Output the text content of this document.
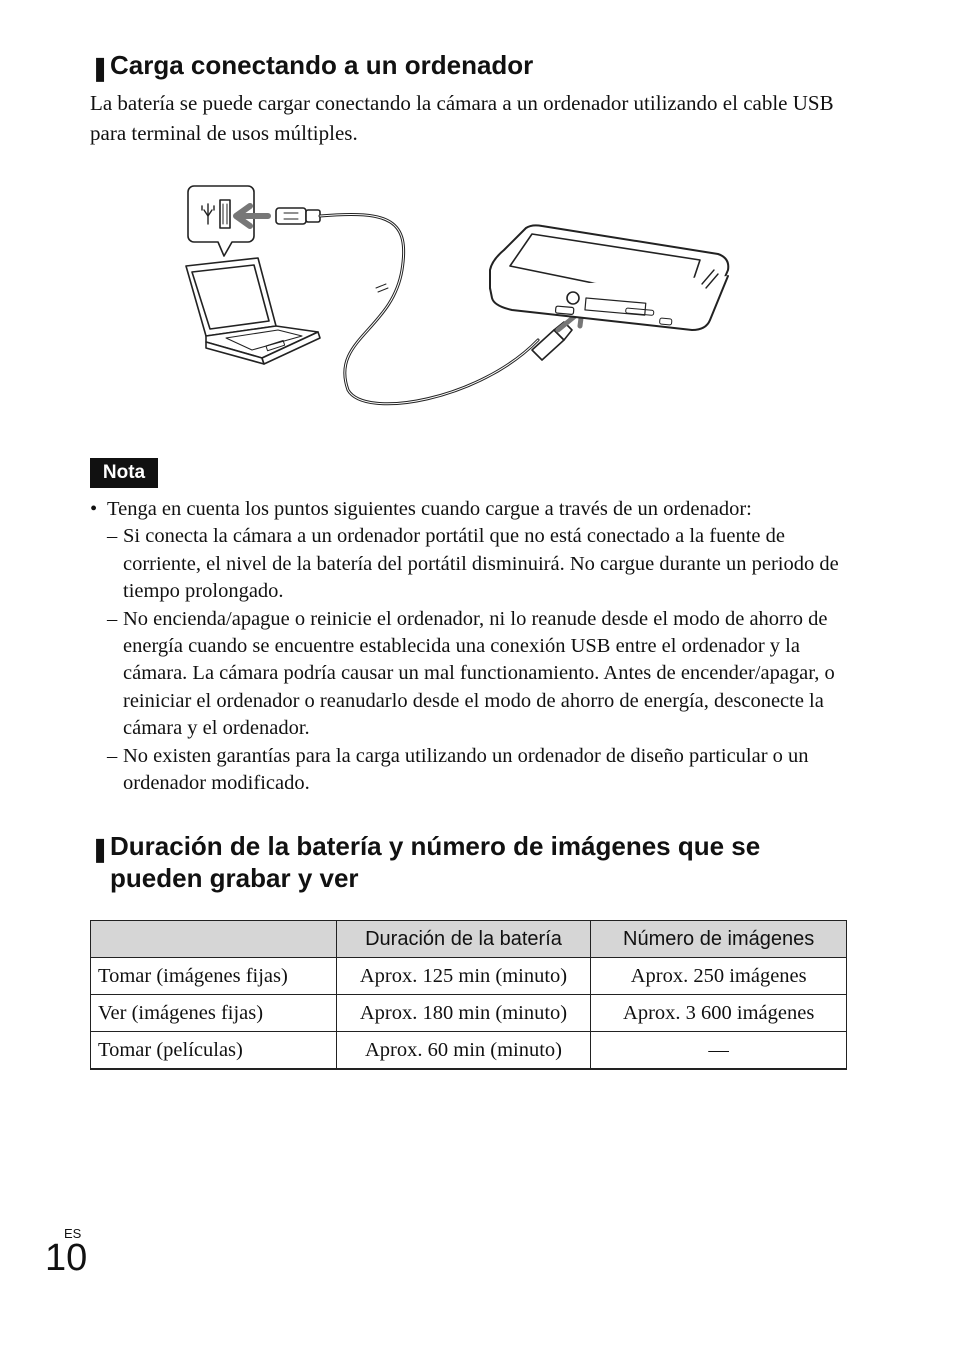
❚ Carga conectando a un ordenador
La batería se puede cargar conectando la cámara a un ordenador utilizando el cable USB para terminal de usos múltiples.
Nota
• Tenga en cuenta los puntos siguientes cuando cargue a través de un ordenador:
– Si conecta la cámara a un ordenador portátil que no está conectado a la fuente de corriente, el nivel de la batería del portátil disminuirá. No cargue durante un periodo de tiempo prolongado.
– No encienda/apague o reinicie el ordenador, ni lo reanude desde el modo de ahorro de energía cuando se encuentre establecida una conexión USB entre el ordenador y la cámara. La cámara podría causar un mal functionamiento. Antes de encender/apagar, o reiniciar el ordenador o reanudarlo desde el modo de ahorro de energía, desconecte la cámara y el ordenador.
– No existen garantías para la carga utilizando un ordenador de diseño particular o un ordenador modificado.
❚ Duración de la batería y número de imágenes que se
pueden grabar y ver
	Duración de la batería	Número de imágenes
Tomar (imágenes fijas)	Aprox. 125 min (minuto)	Aprox. 250 imágenes
Ver (imágenes fijas)	Aprox. 180 min (minuto)	Aprox. 3 600 imágenes
Tomar (películas)	Aprox. 60 min (minuto)	—
ES
10
